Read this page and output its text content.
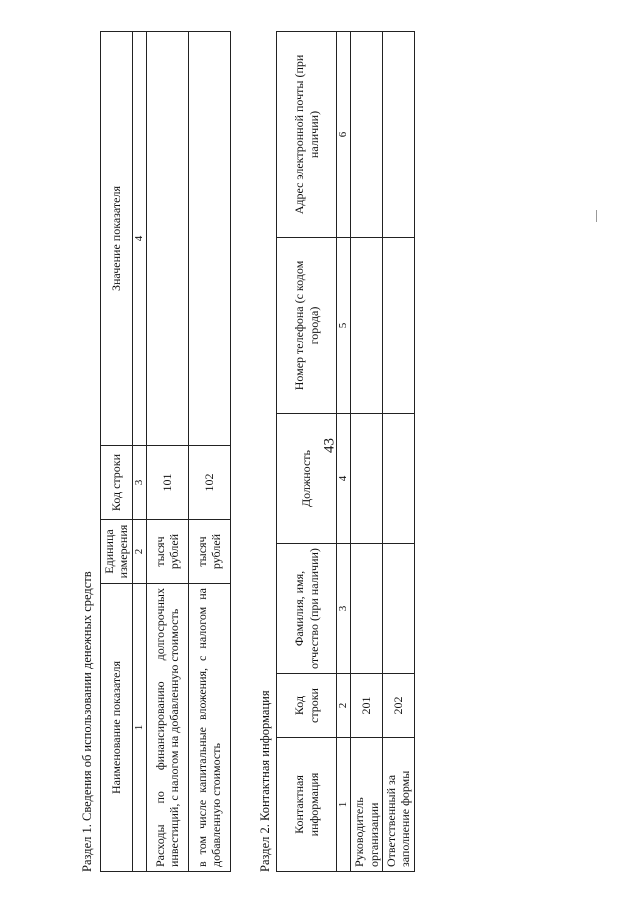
43
Раздел 1. Сведения об использовании денежных средств Наименование показателя	Единица измерения	Код строки	Значение показателя
1	2	3	4
Расходы по финансированию долгосрочных инвестиций, с налогом на добавленную стоимость	тысяч рублей	101	
в том числе капитальные вложения, с налогом на добавленную стоимость	тысяч рублей	102	
Раздел 2. Контактная информация Контактная информация	Код строки	Фамилия, имя, отчество (при наличии)	Должность	Номер телефона (с кодом города)	Адрес электронной почты (при наличии)
1	2	3	4	5	6
Руководитель организации	201				
Ответственный за заполнение формы	202				
